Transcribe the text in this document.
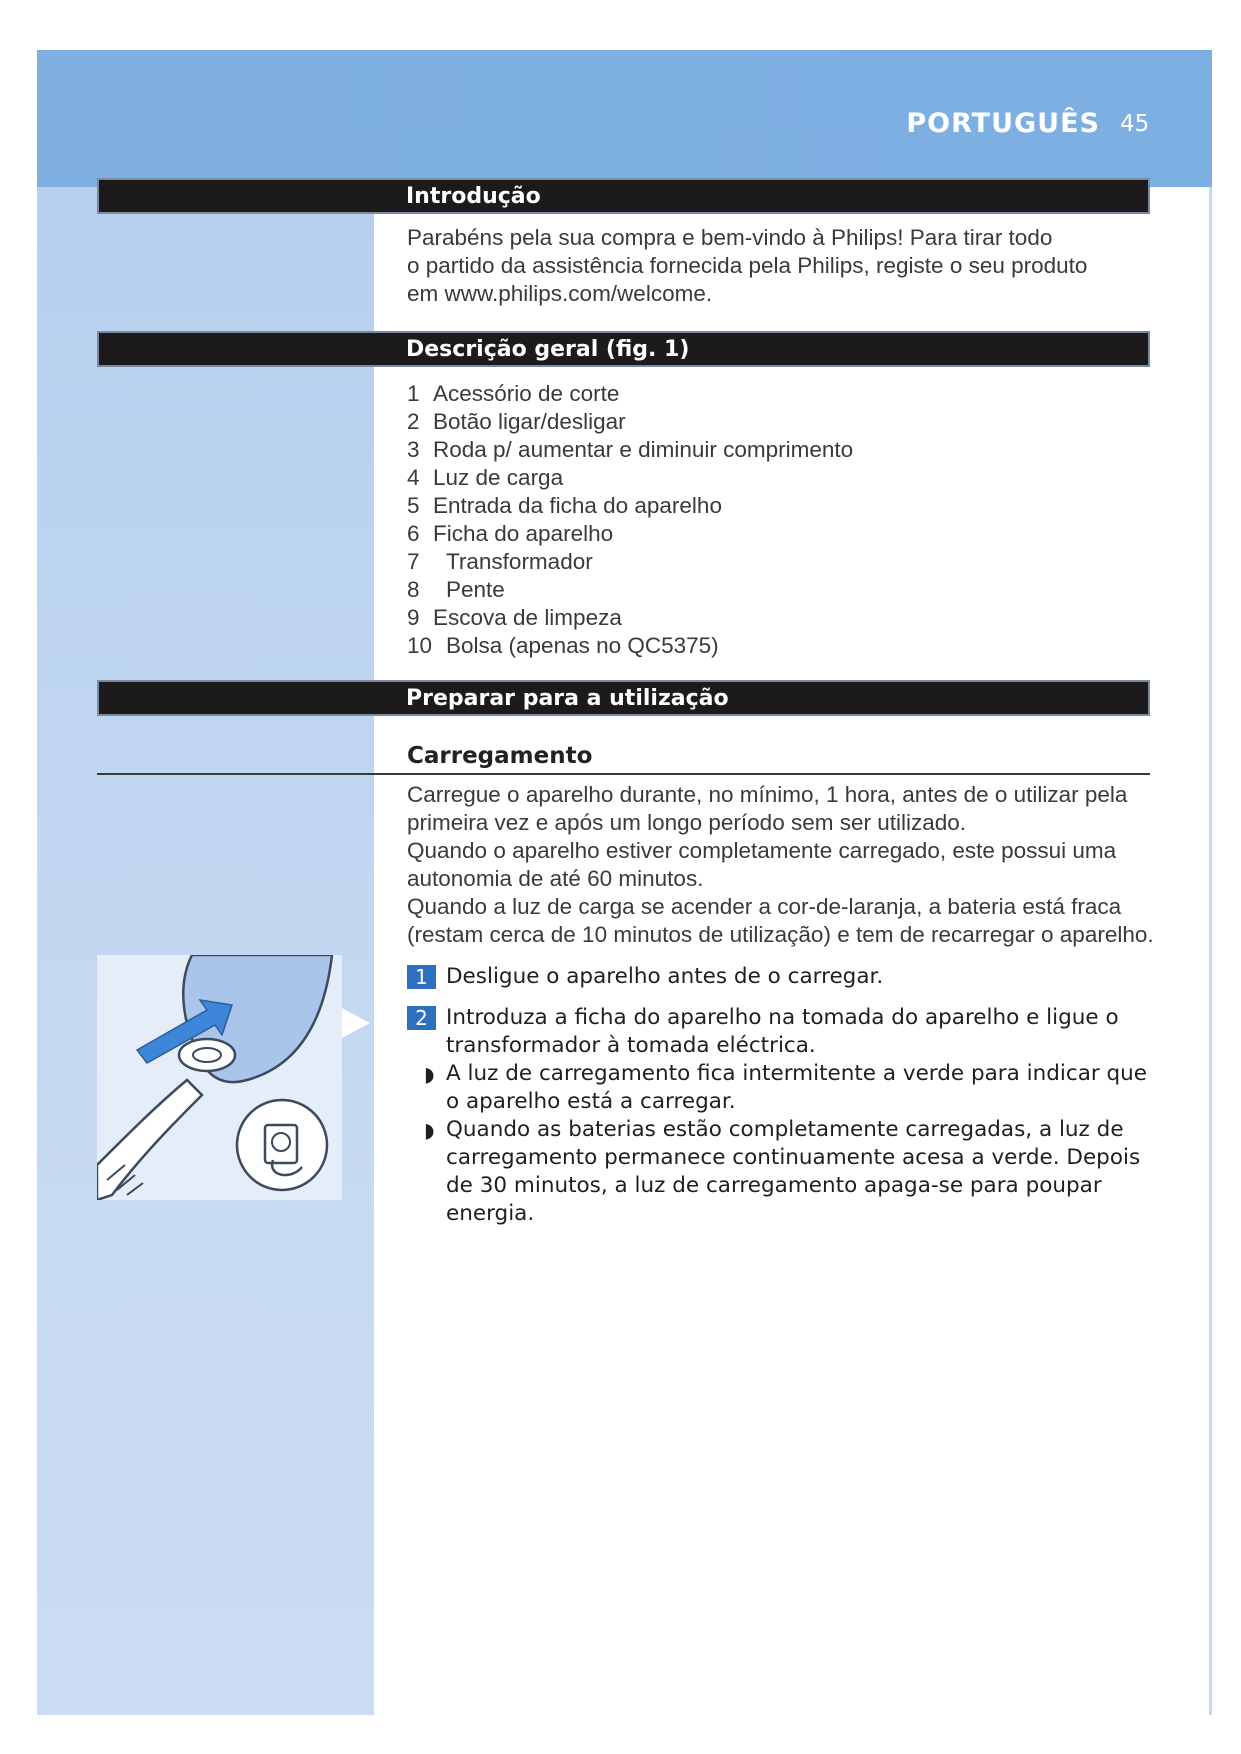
PORTUGUÊS 45
Introdução

Parabéns pela sua compra e bem-vindo à Philips! Para tirar todo

o partido da assistência fornecida pela Philips, registe o seu produto

em www.philips.com/welcome.

Descrição geral (fig. 1)
1 Acessório de corte
2 Botão ligar/desligar
3 Roda p/ aumentar e diminuir comprimento
4 Luz de carga
5 Entrada da ficha do aparelho
6 Ficha do aparelho
7 Transformador
8 Pente
9 Escova de limpeza
10 Bolsa (apenas no QC5375)
Preparar para a utilização
Carregamento

Carregue o aparelho durante, no mínimo, 1 hora, antes de o utilizar pela

primeira vez e após um longo período sem ser utilizado.

Quando o aparelho estiver completamente carregado, este possui uma

autonomia de até 60 minutos.

Quando a luz de carga se acender a cor-de-laranja, a bateria está fraca

(restam cerca de 10 minutos de utilização) e tem de recarregar o aparelho.

1 Desligue o aparelho antes de o carregar.
2 Introduza a ficha do aparelho na tomada do aparelho e ligue o transformador à tomada eléctrica.
◗ A luz de carregamento fica intermitente a verde para indicar que o aparelho está a carregar.
◗ Quando as baterias estão completamente carregadas, a luz de carregamento permanece continuamente acesa a verde. Depois de 30 minutos, a luz de carregamento apaga-se para poupar energia.
